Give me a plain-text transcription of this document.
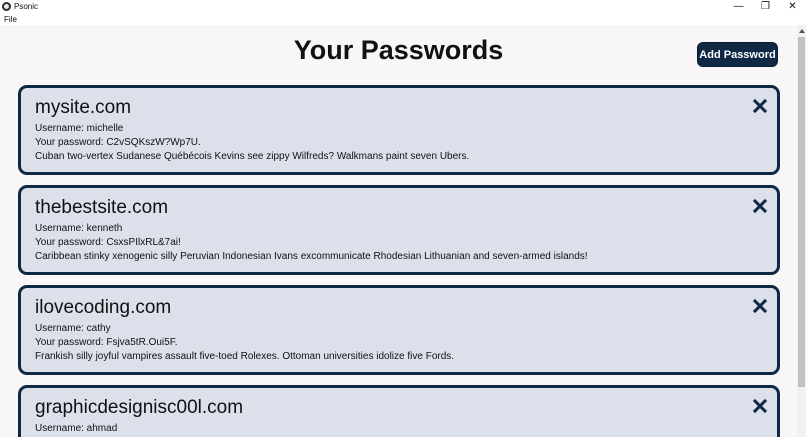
Psonic	—	❐	✕
File
Your Passwords	Add Password
mysite.com
Username: michelle
Your password: C2vSQKszW?Wp7U.
Cuban two-vertex Sudanese Québécois Kevins see zippy Wilfreds? Walkmans paint seven Ubers.
thebestsite.com
Username: kenneth
Your password: CsxsPIlxRL&7ai!
Caribbean stinky xenogenic silly Peruvian Indonesian Ivans excommunicate Rhodesian Lithuanian and seven-armed islands!
ilovecoding.com
Username: cathy
Your password: Fsjva5tR.Oui5F.
Frankish silly joyful vampires assault five-toed Rolexes. Ottoman universities idolize five Fords.
graphicdesignisc00l.com
Username: ahmad
